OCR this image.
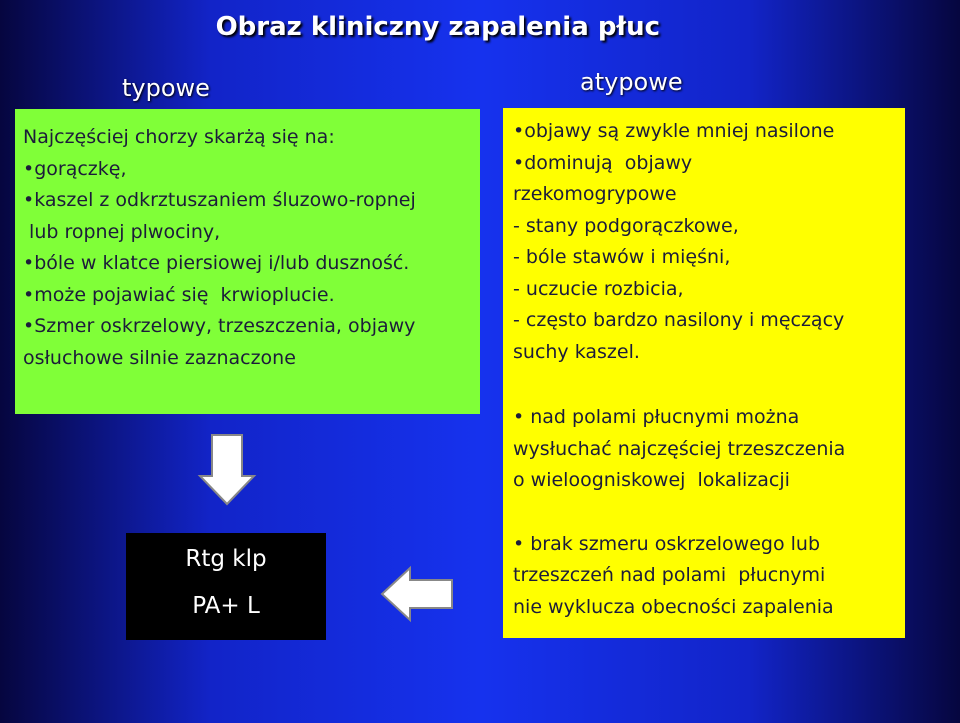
Obraz kliniczny zapalenia płuc
typowe	atypowe
Najczęściej chorzy skarżą się na:
•gorączkę,
•kaszel z odkrztuszaniem śluzowo-ropnej
lub ropnej plwociny,
•bóle w klatce piersiowej i/lub duszność.
•może pojawiać się  krwioplucie.
•Szmer oskrzelowy, trzeszczenia, objawy
osłuchowe silnie zaznaczone
•objawy są zwykle mniej nasilone
•dominują  objawy
rzekomogrypowe
- stany podgorączkowe,
- bóle stawów i mięśni,
- uczucie rozbicia,
- często bardzo nasilony i męczący
suchy kaszel.
• nad polami płucnymi można
wysłuchać najczęściej trzeszczenia
o wieloogniskowej  lokalizacji
• brak szmeru oskrzelowego lub
trzeszczeń nad polami  płucnymi
nie wyklucza obecności zapalenia
Rtg klp
PA+ L
